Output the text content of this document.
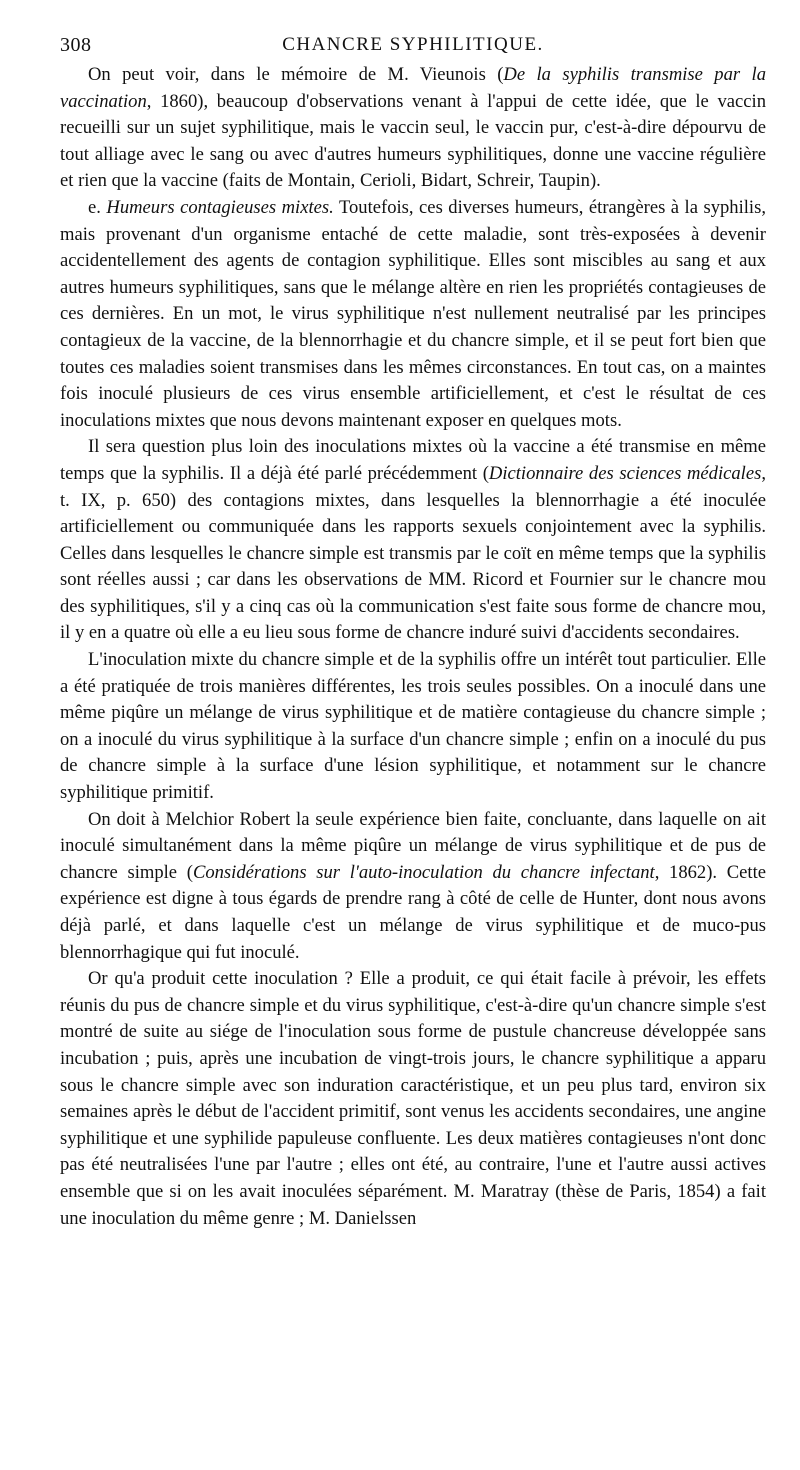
308	CHANCRE SYPHILITIQUE.

On peut voir, dans le mémoire de M. Vieunois (De la syphilis transmise par la vaccination, 1860), beaucoup d'observations venant à l'appui de cette idée, que le vaccin recueilli sur un sujet syphilitique, mais le vaccin seul, le vaccin pur, c'est-à-dire dépourvu de tout alliage avec le sang ou avec d'autres humeurs syphilitiques, donne une vaccine régulière et rien que la vaccine (faits de Montain, Cerioli, Bidart, Schreir, Taupin).

e. Humeurs contagieuses mixtes. Toutefois, ces diverses humeurs, étrangères à la syphilis, mais provenant d'un organisme entaché de cette maladie, sont très-exposées à devenir accidentellement des agents de contagion syphilitique. Elles sont miscibles au sang et aux autres humeurs syphilitiques, sans que le mélange altère en rien les propriétés contagieuses de ces dernières. En un mot, le virus syphilitique n'est nullement neutralisé par les principes contagieux de la vaccine, de la blennorrhagie et du chancre simple, et il se peut fort bien que toutes ces maladies soient transmises dans les mêmes circonstances. En tout cas, on a maintes fois inoculé plusieurs de ces virus ensemble artificiellement, et c'est le résultat de ces inoculations mixtes que nous devons maintenant exposer en quelques mots.

Il sera question plus loin des inoculations mixtes où la vaccine a été transmise en même temps que la syphilis. Il a déjà été parlé précédemment (Dictionnaire des sciences médicales, t. IX, p. 650) des contagions mixtes, dans lesquelles la blennorrhagie a été inoculée artificiellement ou communiquée dans les rapports sexuels conjointement avec la syphilis. Celles dans lesquelles le chancre simple est transmis par le coït en même temps que la syphilis sont réelles aussi ; car dans les observations de MM. Ricord et Fournier sur le chancre mou des syphilitiques, s'il y a cinq cas où la communication s'est faite sous forme de chancre mou, il y en a quatre où elle a eu lieu sous forme de chancre induré suivi d'accidents secondaires.

L'inoculation mixte du chancre simple et de la syphilis offre un intérêt tout particulier. Elle a été pratiquée de trois manières différentes, les trois seules possibles. On a inoculé dans une même piqûre un mélange de virus syphilitique et de matière contagieuse du chancre simple ; on a inoculé du virus syphilitique à la surface d'un chancre simple ; enfin on a inoculé du pus de chancre simple à la surface d'une lésion syphilitique, et notamment sur le chancre syphilitique primitif.

On doit à Melchior Robert la seule expérience bien faite, concluante, dans laquelle on ait inoculé simultanément dans la même piqûre un mélange de virus syphilitique et de pus de chancre simple (Considérations sur l'auto-inoculation du chancre infectant, 1862). Cette expérience est digne à tous égards de prendre rang à côté de celle de Hunter, dont nous avons déjà parlé, et dans laquelle c'est un mélange de virus syphilitique et de muco-pus blennorrhagique qui fut inoculé.

Or qu'a produit cette inoculation ? Elle a produit, ce qui était facile à prévoir, les effets réunis du pus de chancre simple et du virus syphilitique, c'est-à-dire qu'un chancre simple s'est montré de suite au siége de l'inoculation sous forme de pustule chancreuse développée sans incubation ; puis, après une incubation de vingt-trois jours, le chancre syphilitique a apparu sous le chancre simple avec son induration caractéristique, et un peu plus tard, environ six semaines après le début de l'accident primitif, sont venus les accidents secondaires, une angine syphilitique et une syphilide papuleuse confluente. Les deux matières contagieuses n'ont donc pas été neutralisées l'une par l'autre ; elles ont été, au contraire, l'une et l'autre aussi actives ensemble que si on les avait inoculées séparément. M. Maratray (thèse de Paris, 1854) a fait une inoculation du même genre ; M. Danielssen
